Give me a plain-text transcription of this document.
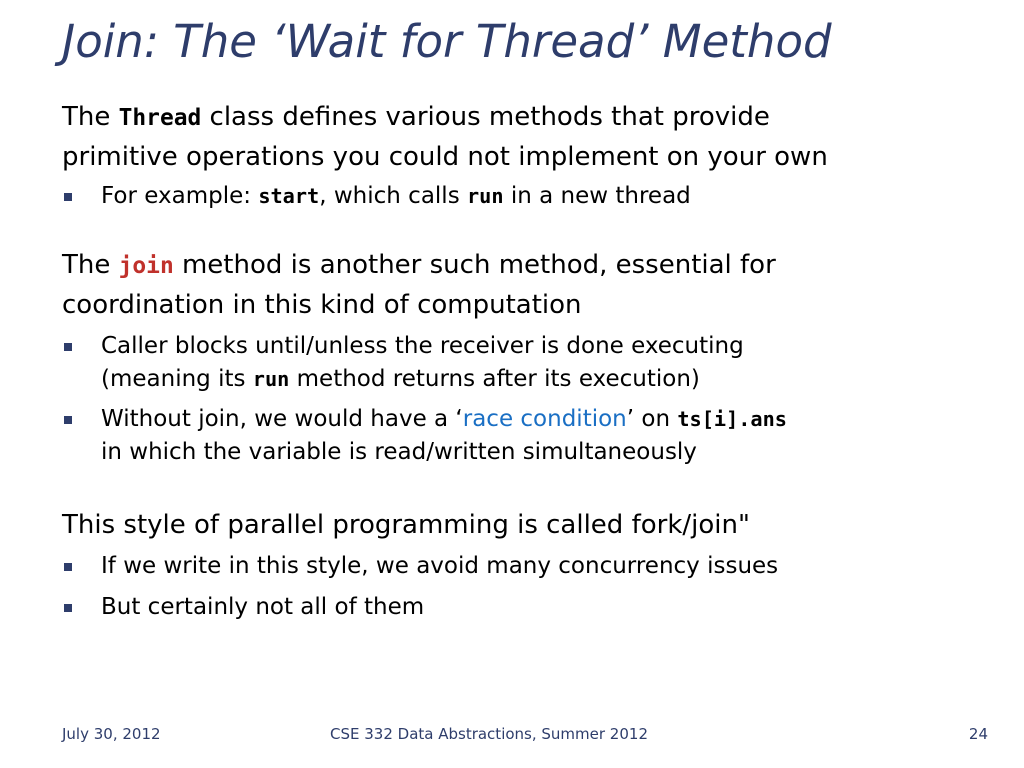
Join: The ‘Wait for Thread’ Method

The Thread class defines various methods that provide

primitive operations you could not implement on your own

For example: start, which calls run in a new thread

The join method is another such method, essential for

coordination in this kind of computation

Caller blocks until/unless the receiver is done executing

(meaning its run method returns after its execution)

Without join, we would have a ‘race condition’ on ts[i].ans

in which the variable is read/written simultaneously

This style of parallel programming is called fork/join"

If we write in this style, we avoid many concurrency issues

But certainly not all of them

July 30, 2012	CSE 332 Data Abstractions, Summer 2012	24
